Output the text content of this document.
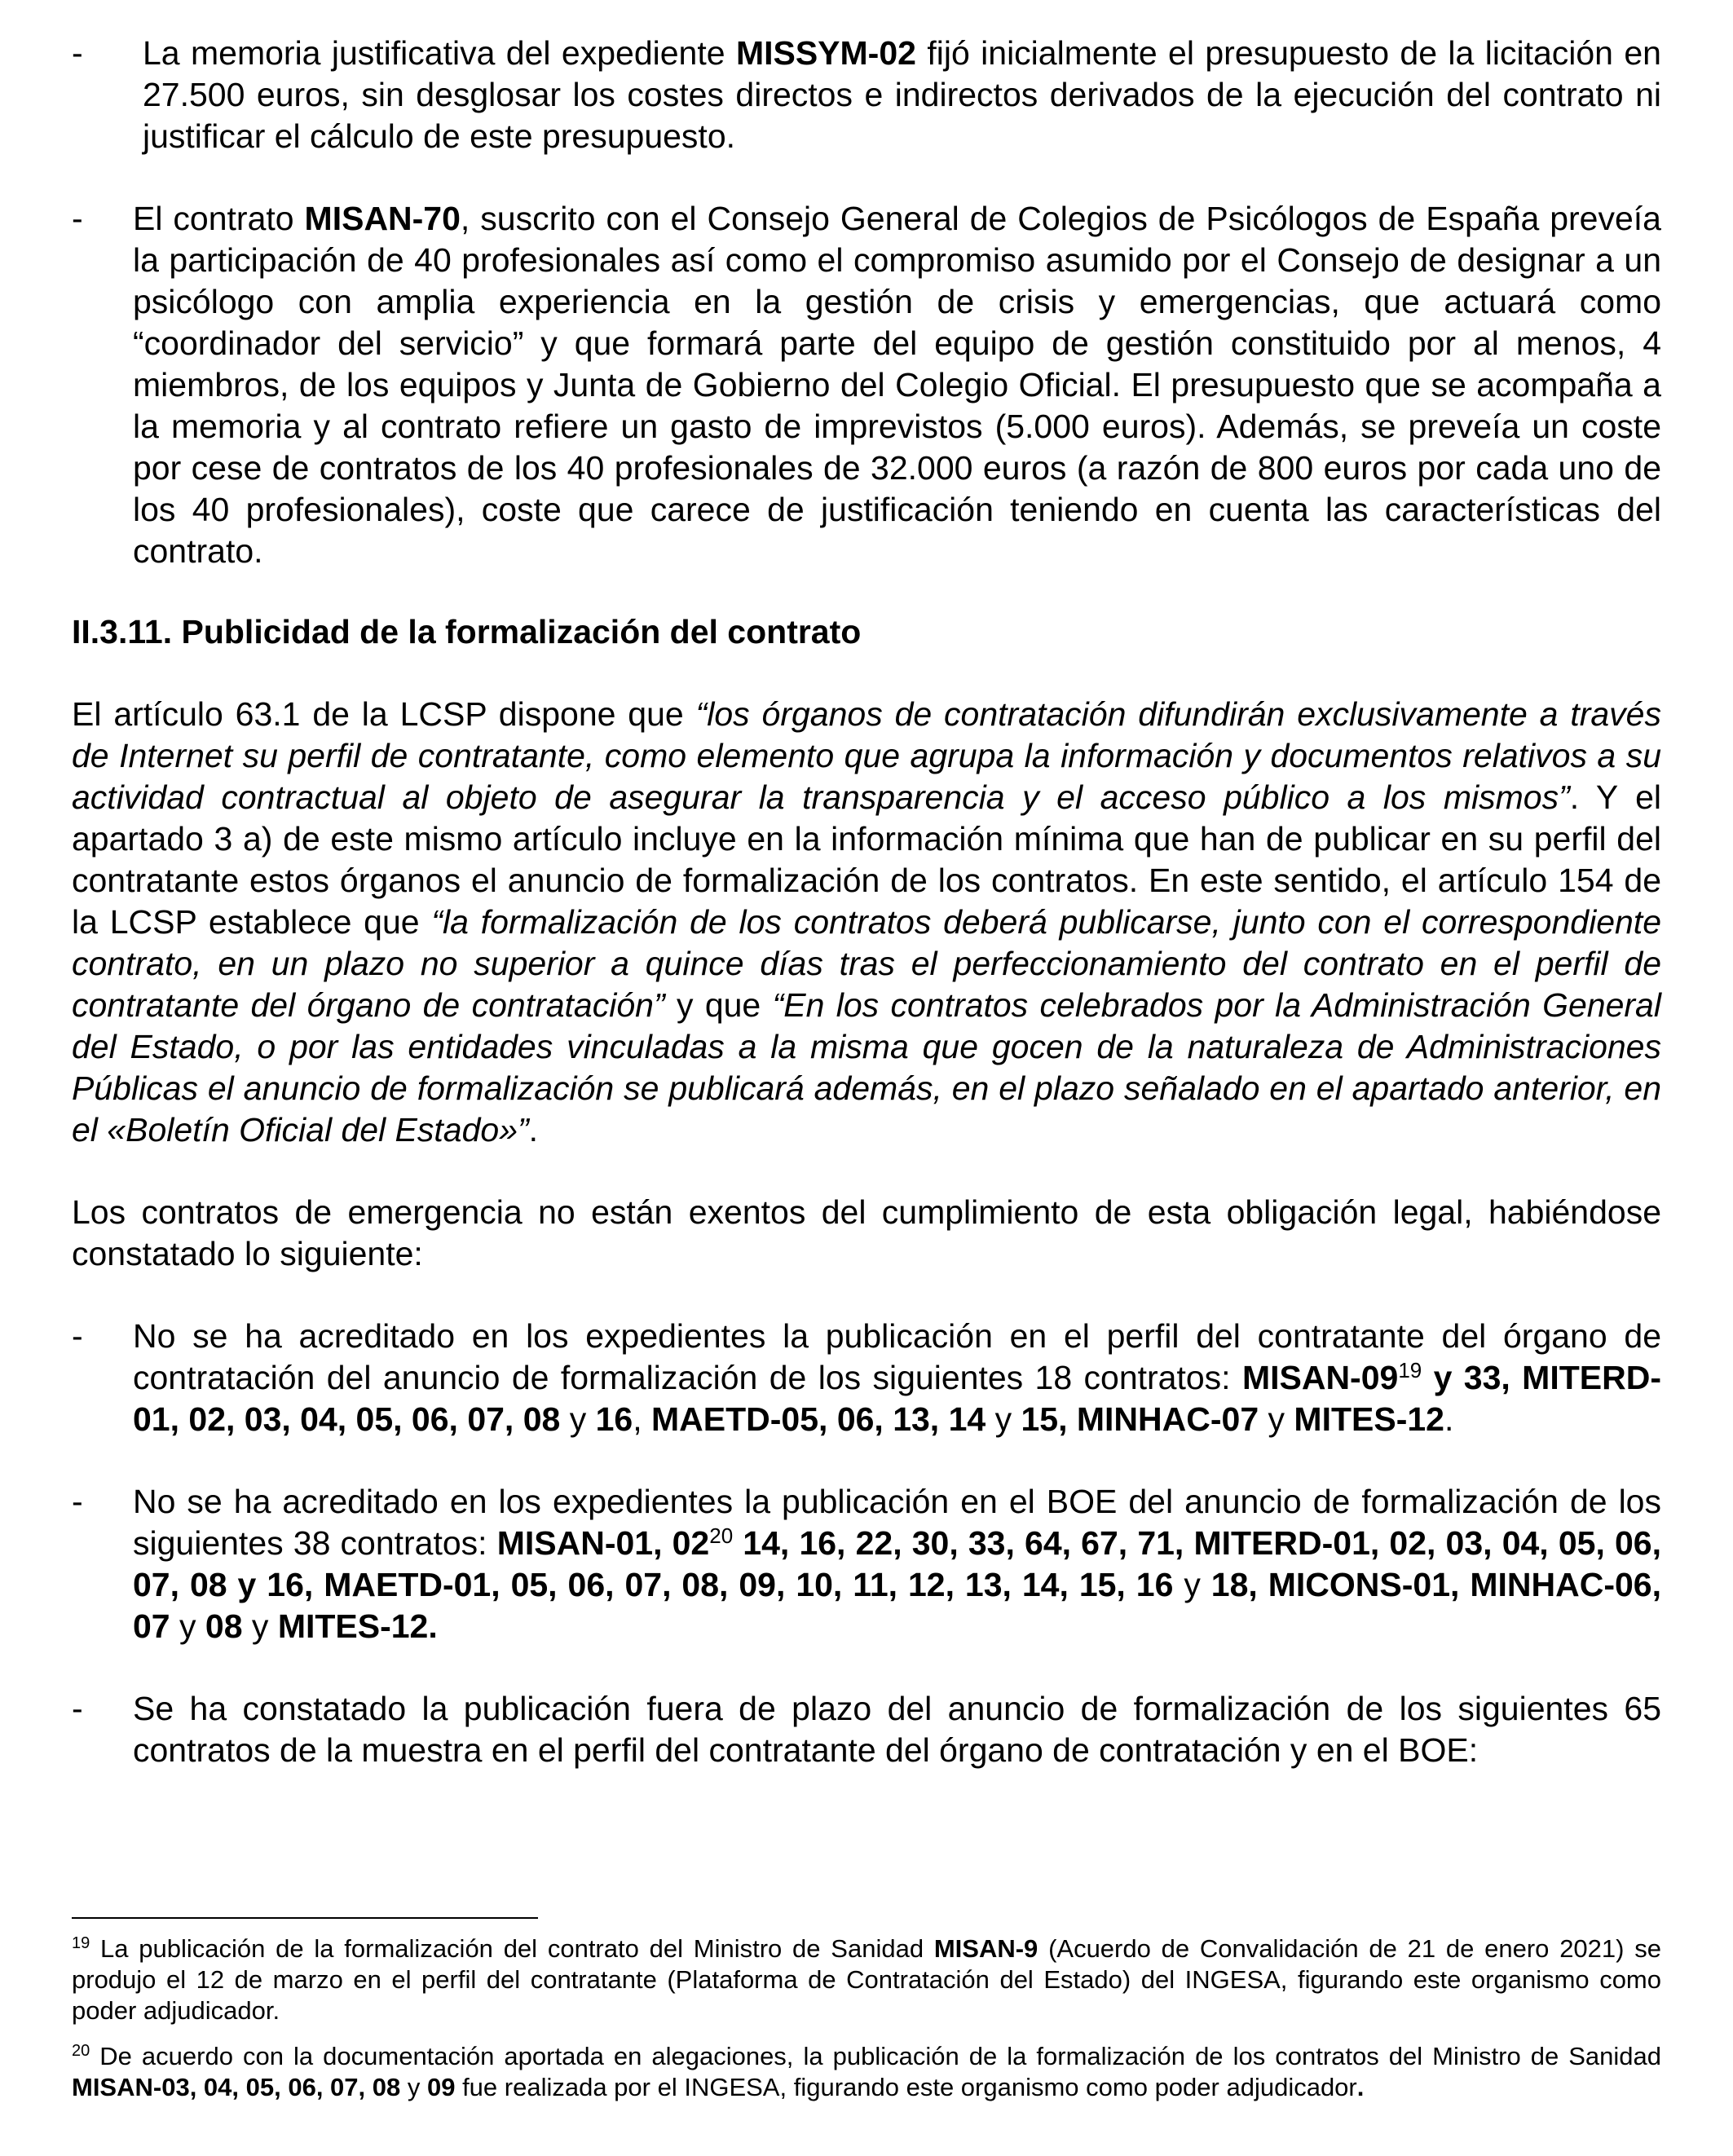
- La memoria justificativa del expediente MISSYM-02 fijó inicialmente el presupuesto de la licitación en 27.500 euros, sin desglosar los costes directos e indirectos derivados de la ejecución del contrato ni justificar el cálculo de este presupuesto.

- El contrato MISAN-70, suscrito con el Consejo General de Colegios de Psicólogos de España preveía la participación de 40 profesionales así como el compromiso asumido por el Consejo de designar a un psicólogo con amplia experiencia en la gestión de crisis y emergencias, que actuará como “coordinador del servicio” y que formará parte del equipo de gestión constituido por al menos, 4 miembros, de los equipos y Junta de Gobierno del Colegio Oficial. El presupuesto que se acompaña a la memoria y al contrato refiere un gasto de imprevistos (5.000 euros). Además, se preveía un coste por cese de contratos de los 40 profesionales de 32.000 euros (a razón de 800 euros por cada uno de los 40 profesionales), coste que carece de justificación teniendo en cuenta las características del contrato.

II.3.11. Publicidad de la formalización del contrato

El artículo 63.1 de la LCSP dispone que “los órganos de contratación difundirán exclusivamente a través de Internet su perfil de contratante, como elemento que agrupa la información y documentos relativos a su actividad contractual al objeto de asegurar la transparencia y el acceso público a los mismos”. Y el apartado 3 a) de este mismo artículo incluye en la información mínima que han de publicar en su perfil del contratante estos órganos el anuncio de formalización de los contratos. En este sentido, el artículo 154 de la LCSP establece que “la formalización de los contratos deberá publicarse, junto con el correspondiente contrato, en un plazo no superior a quince días tras el perfeccionamiento del contrato en el perfil de contratante del órgano de contratación” y que “En los contratos celebrados por la Administración General del Estado, o por las entidades vinculadas a la misma que gocen de la naturaleza de Administraciones Públicas el anuncio de formalización se publicará además, en el plazo señalado en el apartado anterior, en el «Boletín Oficial del Estado»”.

Los contratos de emergencia no están exentos del cumplimiento de esta obligación legal, habiéndose constatado lo siguiente:

- No se ha acreditado en los expedientes la publicación en el perfil del contratante del órgano de contratación del anuncio de formalización de los siguientes 18 contratos: MISAN-$09^{19}$ y 33, MITERD-01, 02, 03, 04, 05, 06, 07, 08 y 16, MAETD-05, 06, 13, 14 y 15, MINHAC-07 y MITES-12.

- No se ha acreditado en los expedientes la publicación en el BOE del anuncio de formalización de los siguientes 38 contratos: MISAN-01, $02^{20}$ 14, 16, 22, 30, 33, 64, 67, 71, MITERD-01, 02, 03, 04, 05, 06, 07, 08 y 16, MAETD-01, 05, 06, 07, 08, 09, 10, 11, 12, 13, 14, 15, 16 y 18, MICONS-01, MINHAC-06, 07 y 08 y MITES-12.

- Se ha constatado la publicación fuera de plazo del anuncio de formalización de los siguientes 65 contratos de la muestra en el perfil del contratante del órgano de contratación y en el BOE:

$^{19}$ La publicación de la formalización del contrato del Ministro de Sanidad MISAN-9 (Acuerdo de Convalidación de 21 de enero 2021) se produjo el 12 de marzo en el perfil del contratante (Plataforma de Contratación del Estado) del INGESA, figurando este organismo como poder adjudicador.

$^{20}$ De acuerdo con la documentación aportada en alegaciones, la publicación de la formalización de los contratos del Ministro de Sanidad MISAN-03, 04, 05, 06, 07, 08 y 09 fue realizada por el INGESA, figurando este organismo como poder adjudicador.
